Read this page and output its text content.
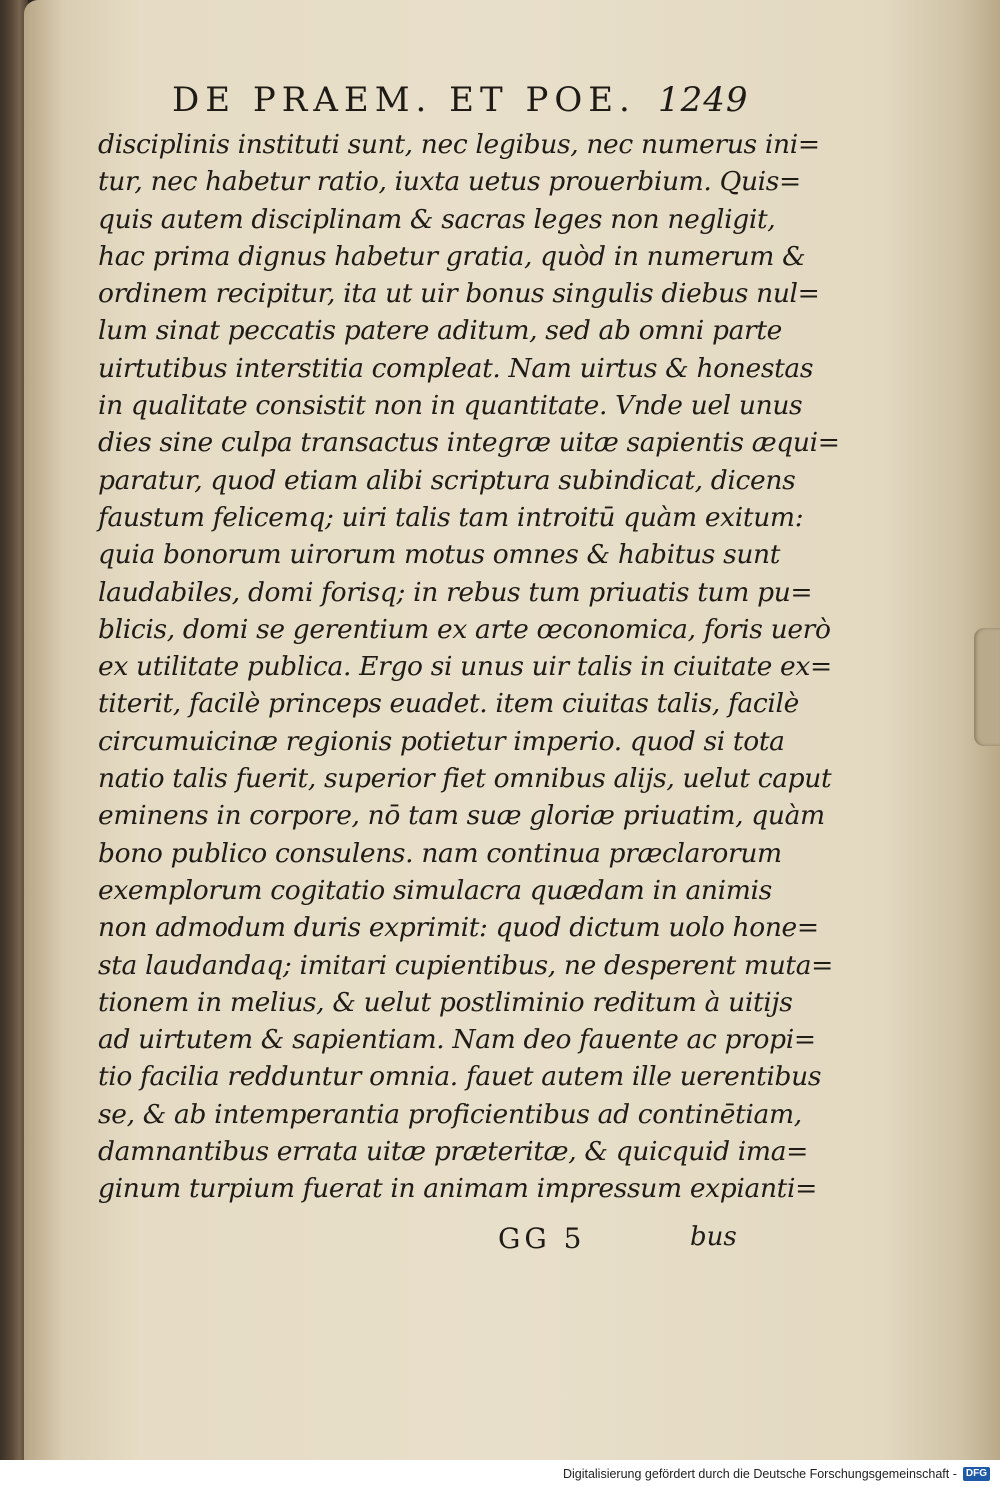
DE PRAEM. ET POE. 1249
disciplinis instituti sunt, nec legibus, nec numerus ini=
tur, nec habetur ratio, iuxta uetus prouerbium. Quis=
quis autem disciplinam & sacras leges non negligit,
hac prima dignus habetur gratia, quòd in numerum &
ordinem recipitur, ita ut uir bonus singulis diebus nul=
lum sinat peccatis patere aditum, sed ab omni parte
uirtutibus interstitia compleat. Nam uirtus & honestas
in qualitate consistit non in quantitate. Vnde uel unus
dies sine culpa transactus integræ uitæ sapientis æqui=
paratur, quod etiam alibi scriptura subindicat, dicens
faustum felicemq; uiri talis tam introitū quàm exitum:
quia bonorum uirorum motus omnes & habitus sunt
laudabiles, domi forisq; in rebus tum priuatis tum pu=
blicis, domi se gerentium ex arte œconomica, foris uerò
ex utilitate publica. Ergo si unus uir talis in ciuitate ex=
titerit, facilè princeps euadet. item ciuitas talis, facilè
circumuicinæ regionis potietur imperio. quod si tota
natio talis fuerit, superior fiet omnibus alijs, uelut caput
eminens in corpore, nō tam suæ gloriæ priuatim, quàm
bono publico consulens. nam continua præclarorum
exemplorum cogitatio simulacra quædam in animis
non admodum duris exprimit: quod dictum uolo hone=
sta laudandaq; imitari cupientibus, ne desperent muta=
tionem in melius, & uelut postliminio reditum à uitijs
ad uirtutem & sapientiam. Nam deo fauente ac propi=
tio facilia redduntur omnia. fauet autem ille uerentibus
se, & ab intemperantia proficientibus ad continētiam,
damnantibus errata uitæ præteritæ, & quicquid ima=
ginum turpium fuerat in animam impressum expianti=
GG 5	bus
Digitalisierung gefördert durch die Deutsche Forschungsgemeinschaft - DFG
